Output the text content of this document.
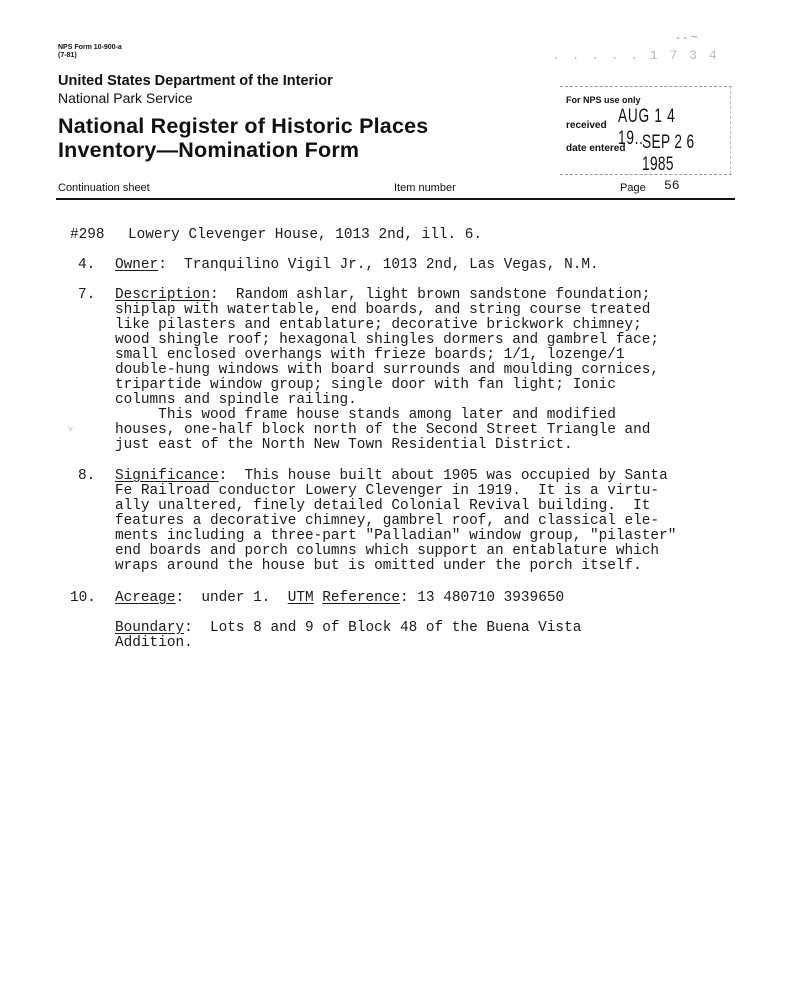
NPS Form 10-900-a
(7-81)	. . . . . 1 7 3 4
- - ~
United States Department of the Interior
National Park Service
National Register of Historic Places
Inventory—Nomination Form
For NPS use only
received AUG 1 4 19..
date entered SEP 2 6 1985
Continuation sheet	Item number	Page 56
#298 Lowery Clevenger House, 1013 2nd, ill. 6.
4. Owner:  Tranquilino Vigil Jr., 1013 2nd, Las Vegas, N.M.
7. Description:  Random ashlar, light brown sandstone foundation;
shiplap with watertable, end boards, and string course treated
like pilasters and entablature; decorative brickwork chimney;
wood shingle roof; hexagonal shingles dormers and gambrel face;
small enclosed overhangs with frieze boards; 1/1, lozenge/1
double-hung windows with board surrounds and moulding cornices,
tripartide window group; single door with fan light; Ionic
columns and spindle railing.
This wood frame house stands among later and modified
houses, one-half block north of the Second Street Triangle and
just east of the North New Town Residential District.
8. Significance:  This house built about 1905 was occupied by Santa
Fe Railroad conductor Lowery Clevenger in 1919.  It is a virtu-
ally unaltered, finely detailed Colonial Revival building.  It
features a decorative chimney, gambrel roof, and classical ele-
ments including a three-part "Palladian" window group, "pilaster"
end boards and porch columns which support an entablature which
wraps around the house but is omitted under the porch itself.
10. Acreage:  under 1.  UTM Reference: 13 480710 3939650
Boundary:  Lots 8 and 9 of Block 48 of the Buena Vista
Addition.
˅
